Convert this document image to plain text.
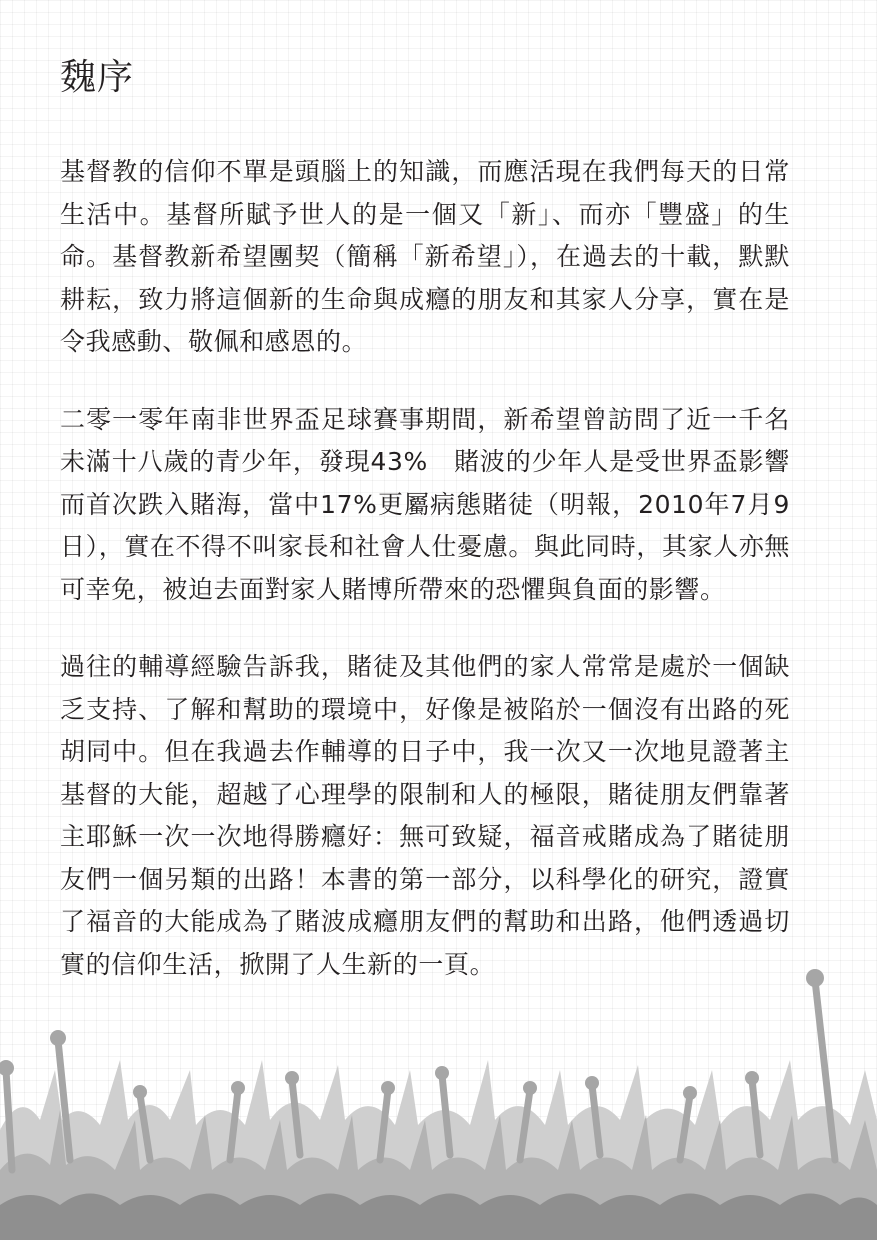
魏序

基督教的信仰不單是頭腦上的知識，而應活現在我們每天的日常生活中。基督所賦予世人的是一個又「新」、而亦「豐盛」的生命。基督教新希望團契（簡稱「新希望」），在過去的十載，默默耕耘，致力將這個新的生命與成癮的朋友和其家人分享，實在是令我感動、敬佩和感恩的。

二零一零年南非世界盃足球賽事期間，新希望曾訪問了近一千名未滿十八歲的青少年，發現43%　賭波的少年人是受世界盃影響而首次跌入賭海，當中17%更屬病態賭徒（明報，2010年7月9日），實在不得不叫家長和社會人仕憂慮。與此同時，其家人亦無可幸免，被迫去面對家人賭博所帶來的恐懼與負面的影響。

過往的輔導經驗告訴我，賭徒及其他們的家人常常是處於一個缺乏支持、了解和幫助的環境中，好像是被陷於一個沒有出路的死胡同中。但在我過去作輔導的日子中，我一次又一次地見證著主基督的大能，超越了心理學的限制和人的極限，賭徒朋友們靠著主耶穌一次一次地得勝癮好：無可致疑，福音戒賭成為了賭徒朋友們一個另類的出路！本書的第一部分，以科學化的研究，證實了福音的大能成為了賭波成癮朋友們的幫助和出路，他們透過切實的信仰生活，掀開了人生新的一頁。
